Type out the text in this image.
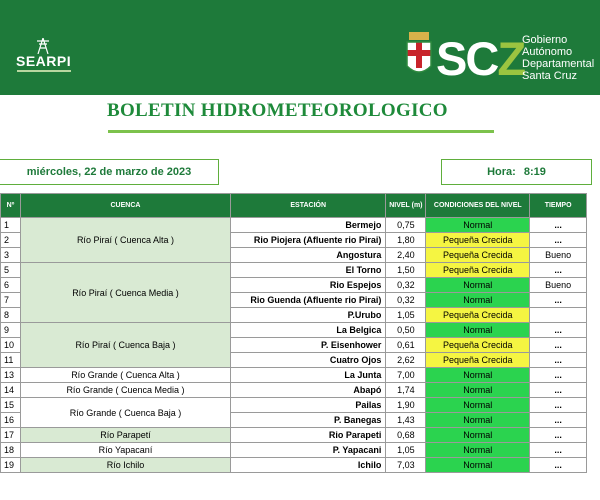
SEARPI	S C Z
Gobierno
Autónomo
Departamental
Santa Cruz
BOLETIN HIDROMETEOROLOGICO
miércoles, 22 de marzo de 2023	Hora: 8:19
Nº	CUENCA	ESTACIÓN	NIVEL (m)	CONDICIONES DEL NIVEL	TIEMPO
1	Río Piraí ( Cuenca Alta )	Bermejo	0,75	Normal	...
2		Rio Piojera (Afluente rio Pirai)	1,80	Pequeña Crecida	...
3		Angostura	2,40	Pequeña Crecida	Bueno
5	Río Piraí ( Cuenca Media )	El Torno	1,50	Pequeña Crecida	...
6		Rio Espejos	0,32	Normal	Bueno
7		Rio Guenda (Afluente rio Pirai)	0,32	Normal	...
8		P.Urubo	1,05	Pequeña Crecida	
9	Río Piraí ( Cuenca Baja )	La Belgica	0,50	Normal	...
10		P. Eisenhower	0,61	Pequeña Crecida	...
11		Cuatro Ojos	2,62	Pequeña Crecida	...
13	Río Grande ( Cuenca Alta )	La Junta	7,00	Normal	...
14	Río Grande ( Cuenca Media )	Abapó	1,74	Normal	...
15	Río Grande ( Cuenca Baja )	Pailas	1,90	Normal	...
16		P. Banegas	1,43	Normal	...
17	Río Parapetí	Rio Parapeti	0,68	Normal	...
18	Río Yapacaní	P. Yapacani	1,05	Normal	...
19	Río Ichilo	Ichilo	7,03	Normal	...
